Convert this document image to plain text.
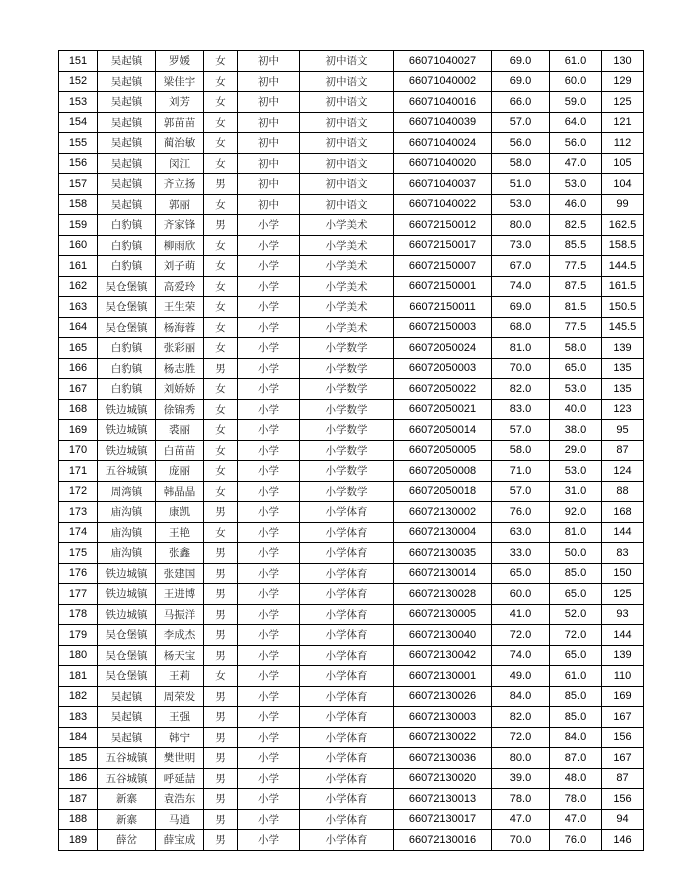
151	吴起镇	罗媛	女	初中	初中语文	66071040027	69.0	61.0	130
152	吴起镇	梁佳宇	女	初中	初中语文	66071040002	69.0	60.0	129
153	吴起镇	刘芳	女	初中	初中语文	66071040016	66.0	59.0	125
154	吴起镇	郭苗苗	女	初中	初中语文	66071040039	57.0	64.0	121
155	吴起镇	蔺治敏	女	初中	初中语文	66071040024	56.0	56.0	112
156	吴起镇	闵江	女	初中	初中语文	66071040020	58.0	47.0	105
157	吴起镇	齐立扬	男	初中	初中语文	66071040037	51.0	53.0	104
158	吴起镇	郭丽	女	初中	初中语文	66071040022	53.0	46.0	99
159	白豹镇	齐家锋	男	小学	小学美术	66072150012	80.0	82.5	162.5
160	白豹镇	柳雨欣	女	小学	小学美术	66072150017	73.0	85.5	158.5
161	白豹镇	刘子萌	女	小学	小学美术	66072150007	67.0	77.5	144.5
162	吴仓堡镇	高爱玲	女	小学	小学美术	66072150001	74.0	87.5	161.5
163	吴仓堡镇	王生荣	女	小学	小学美术	66072150011	69.0	81.5	150.5
164	吴仓堡镇	杨海蓉	女	小学	小学美术	66072150003	68.0	77.5	145.5
165	白豹镇	张彩丽	女	小学	小学数学	66072050024	81.0	58.0	139
166	白豹镇	杨志胜	男	小学	小学数学	66072050003	70.0	65.0	135
167	白豹镇	刘娇娇	女	小学	小学数学	66072050022	82.0	53.0	135
168	铁边城镇	徐锦秀	女	小学	小学数学	66072050021	83.0	40.0	123
169	铁边城镇	裘丽	女	小学	小学数学	66072050014	57.0	38.0	95
170	铁边城镇	白苗苗	女	小学	小学数学	66072050005	58.0	29.0	87
171	五谷城镇	庞丽	女	小学	小学数学	66072050008	71.0	53.0	124
172	周湾镇	韩晶晶	女	小学	小学数学	66072050018	57.0	31.0	88
173	庙沟镇	康凯	男	小学	小学体育	66072130002	76.0	92.0	168
174	庙沟镇	王艳	女	小学	小学体育	66072130004	63.0	81.0	144
175	庙沟镇	张鑫	男	小学	小学体育	66072130035	33.0	50.0	83
176	铁边城镇	张建国	男	小学	小学体育	66072130014	65.0	85.0	150
177	铁边城镇	王进博	男	小学	小学体育	66072130028	60.0	65.0	125
178	铁边城镇	马振洋	男	小学	小学体育	66072130005	41.0	52.0	93
179	吴仓堡镇	李成杰	男	小学	小学体育	66072130040	72.0	72.0	144
180	吴仓堡镇	杨天宝	男	小学	小学体育	66072130042	74.0	65.0	139
181	吴仓堡镇	王莉	女	小学	小学体育	66072130001	49.0	61.0	110
182	吴起镇	周荣发	男	小学	小学体育	66072130026	84.0	85.0	169
183	吴起镇	王强	男	小学	小学体育	66072130003	82.0	85.0	167
184	吴起镇	韩宁	男	小学	小学体育	66072130022	72.0	84.0	156
185	五谷城镇	樊世明	男	小学	小学体育	66072130036	80.0	87.0	167
186	五谷城镇	呼延喆	男	小学	小学体育	66072130020	39.0	48.0	87
187	新寨	袁浩东	男	小学	小学体育	66072130013	78.0	78.0	156
188	新寨	马逍	男	小学	小学体育	66072130017	47.0	47.0	94
189	薛岔	薛宝成	男	小学	小学体育	66072130016	70.0	76.0	146
